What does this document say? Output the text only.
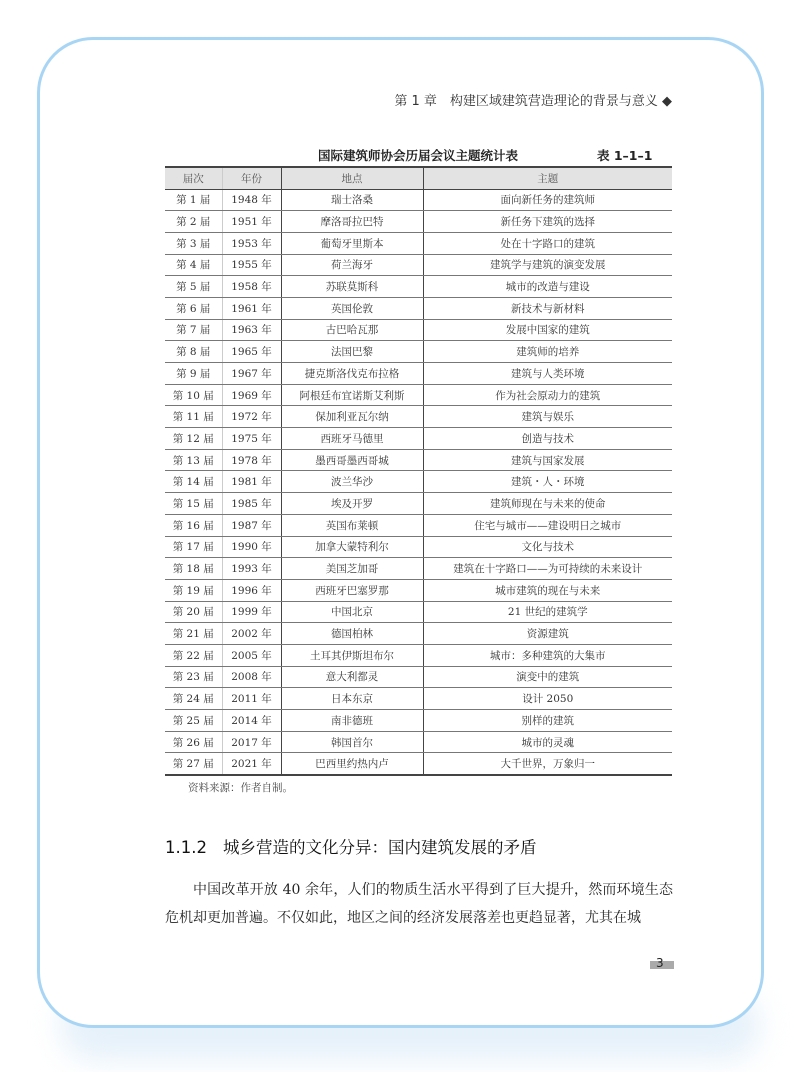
第 1 章　构建区域建筑营造理论的背景与意义 ◆
国际建筑师协会历届会议主题统计表	表 1–1–1
届次	年份	地点	主题
第 1 届	1948 年	瑞士洛桑	面向新任务的建筑师
第 2 届	1951 年	摩洛哥拉巴特	新任务下建筑的选择
第 3 届	1953 年	葡萄牙里斯本	处在十字路口的建筑
第 4 届	1955 年	荷兰海牙	建筑学与建筑的演变发展
第 5 届	1958 年	苏联莫斯科	城市的改造与建设
第 6 届	1961 年	英国伦敦	新技术与新材料
第 7 届	1963 年	古巴哈瓦那	发展中国家的建筑
第 8 届	1965 年	法国巴黎	建筑师的培养
第 9 届	1967 年	捷克斯洛伐克布拉格	建筑与人类环境
第 10 届	1969 年	阿根廷布宜诺斯艾利斯	作为社会原动力的建筑
第 11 届	1972 年	保加利亚瓦尔纳	建筑与娱乐
第 12 届	1975 年	西班牙马德里	创造与技术
第 13 届	1978 年	墨西哥墨西哥城	建筑与国家发展
第 14 届	1981 年	波兰华沙	建筑・人・环境
第 15 届	1985 年	埃及开罗	建筑师现在与未来的使命
第 16 届	1987 年	英国布莱顿	住宅与城市——建设明日之城市
第 17 届	1990 年	加拿大蒙特利尔	文化与技术
第 18 届	1993 年	美国芝加哥	建筑在十字路口——为可持续的未来设计
第 19 届	1996 年	西班牙巴塞罗那	城市建筑的现在与未来
第 20 届	1999 年	中国北京	21 世纪的建筑学
第 21 届	2002 年	德国柏林	资源建筑
第 22 届	2005 年	土耳其伊斯坦布尔	城市：多种建筑的大集市
第 23 届	2008 年	意大利都灵	演变中的建筑
第 24 届	2011 年	日本东京	设计 2050
第 25 届	2014 年	南非德班	别样的建筑
第 26 届	2017 年	韩国首尔	城市的灵魂
第 27 届	2021 年	巴西里约热内卢	大千世界，万象归一
资料来源：作者自制。
1.1.2 城乡营造的文化分异：国内建筑发展的矛盾

中国改革开放 40 余年，人们的物质生活水平得到了巨大提升，然而环境生态危机却更加普遍。不仅如此，地区之间的经济发展落差也更趋显著，尤其在城

3
